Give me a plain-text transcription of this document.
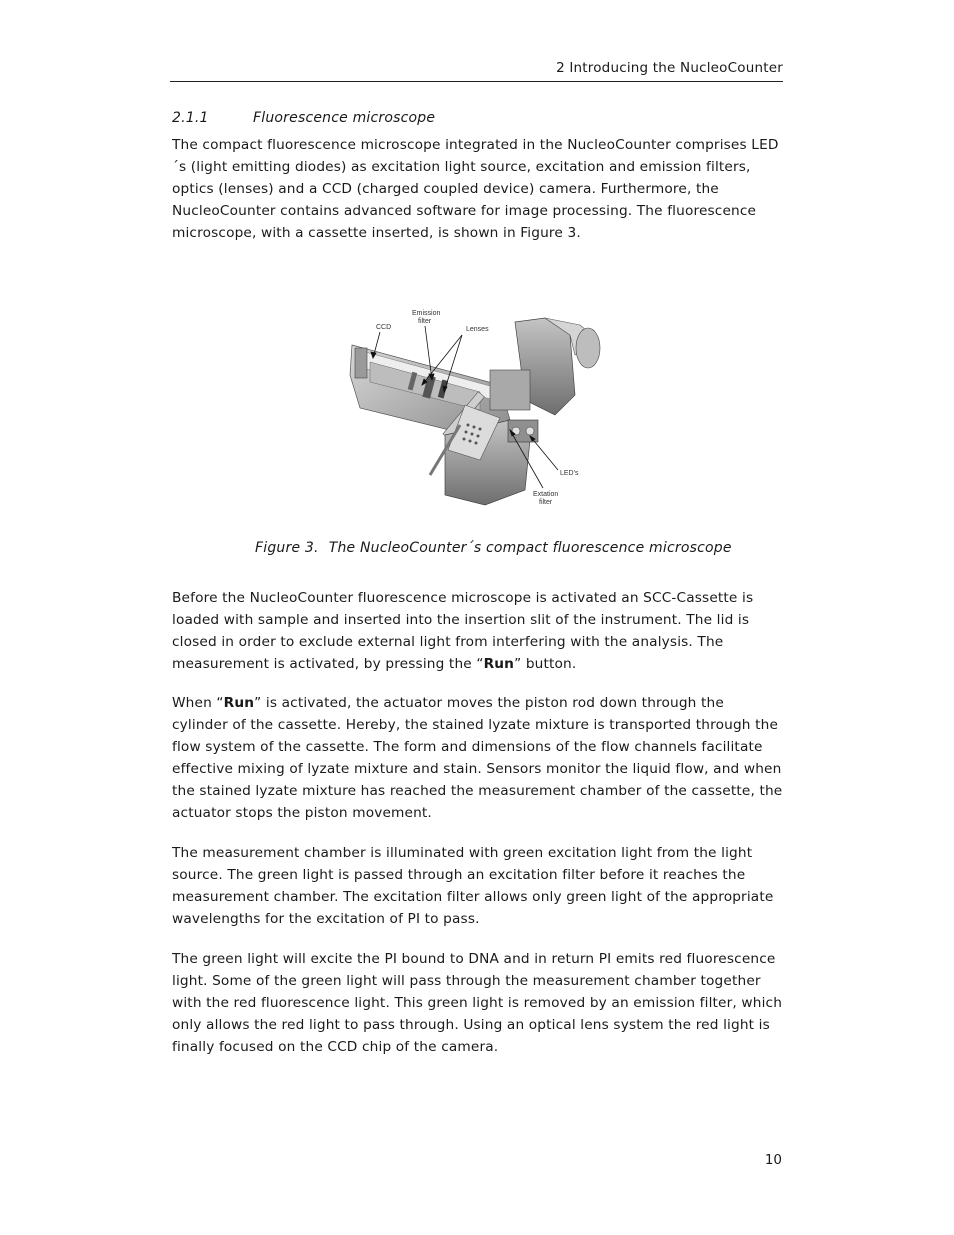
2 Introducing the NucleoCounter
2.1.1	Fluorescence microscope

The compact fluorescence microscope integrated in the NucleoCounter comprises LED´s (light emitting diodes) as excitation light source, excitation and emission filters, optics (lenses) and a CCD (charged coupled device) camera. Furthermore, the NucleoCounter contains advanced software for image processing. The fluorescence microscope, with a cassette inserted, is shown in Figure 3.

CCD
Emission
filter
Lenses
LED's
Extation
filter
Figure 3. The NucleoCounter´s compact fluorescence microscope

Before the NucleoCounter fluorescence microscope is activated an SCC-Cassette is loaded with sample and inserted into the insertion slit of the instrument. The lid is closed in order to exclude external light from interfering with the analysis. The measurement is activated, by pressing the “Run” button.

When “Run” is activated, the actuator moves the piston rod down through the cylinder of the cassette. Hereby, the stained lyzate mixture is transported through the flow system of the cassette. The form and dimensions of the flow channels facilitate effective mixing of lyzate mixture and stain. Sensors monitor the liquid flow, and when the stained lyzate mixture has reached the measurement chamber of the cassette, the actuator stops the piston movement.

The measurement chamber is illuminated with green excitation light from the light source. The green light is passed through an excitation filter before it reaches the measurement chamber. The excitation filter allows only green light of the appropriate wavelengths for the excitation of PI to pass.

The green light will excite the PI bound to DNA and in return PI emits red fluorescence light. Some of the green light will pass through the measurement chamber together with the red fluorescence light. This green light is removed by an emission filter, which only allows the red light to pass through. Using an optical lens system the red light is finally focused on the CCD chip of the camera.

10
